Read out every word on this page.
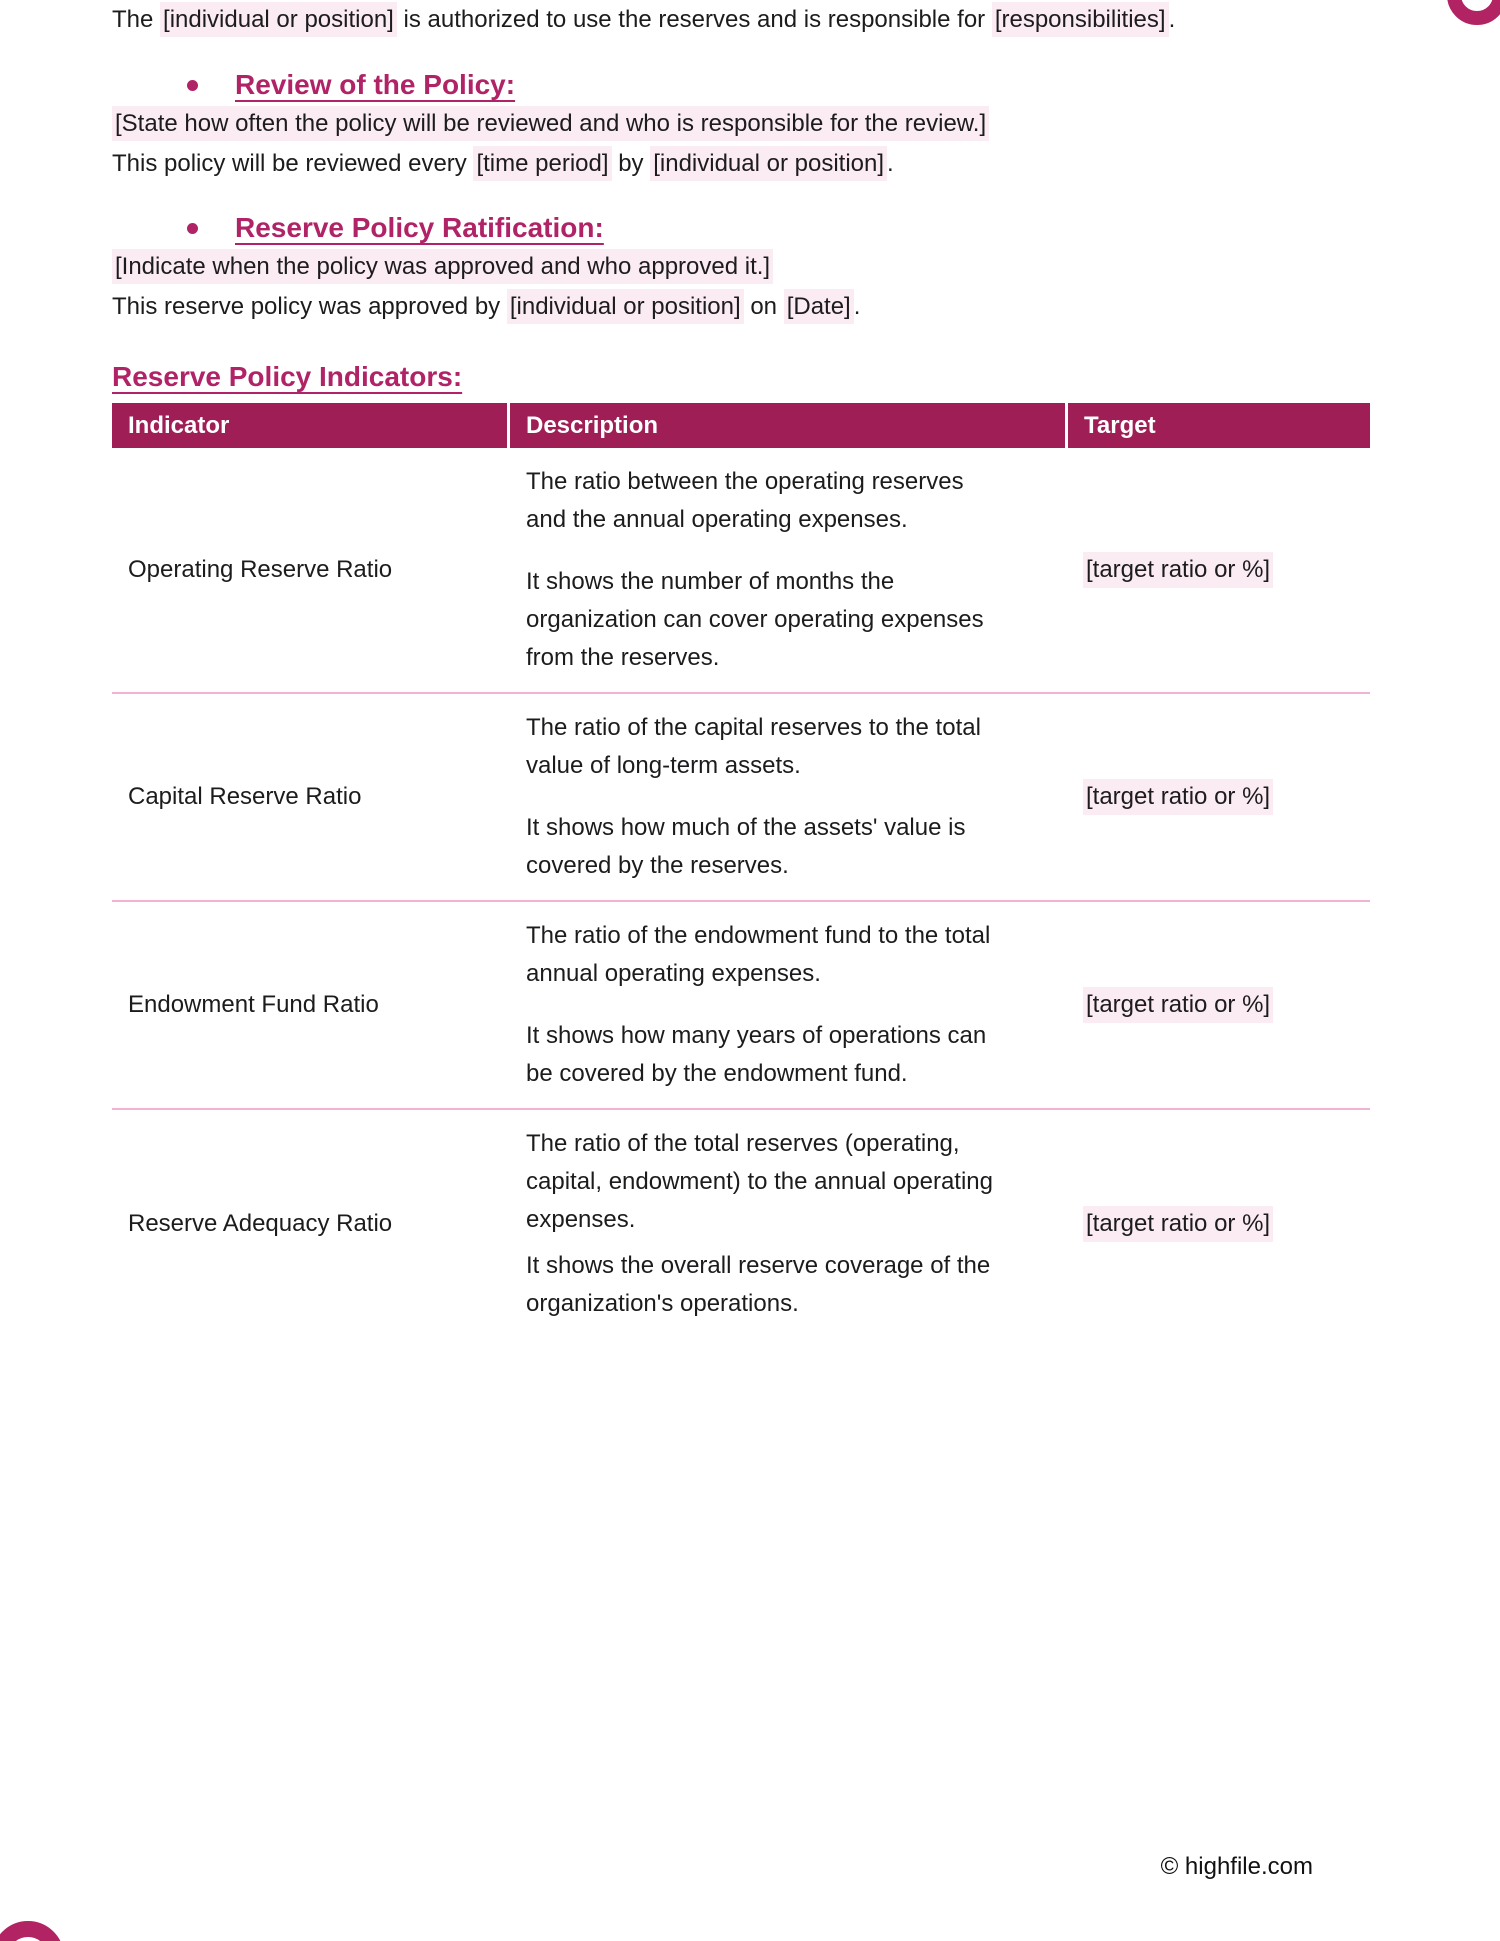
The [individual or position] is authorized to use the reserves and is responsible for [responsibilities] .

Review of the Policy:

[State how often the policy will be reviewed and who is responsible for the review.]

This policy will be reviewed every [time period] by [individual or position] .

Reserve Policy Ratification:

[Indicate when the policy was approved and who approved it.]

This reserve policy was approved by [individual or position] on [Date] .

Reserve Policy Indicators:
Indicator	Description	Target
Operating Reserve Ratio

The ratio between the operating reserves and the annual operating expenses.

It shows the number of months the organization can cover operating expenses from the reserves.

[target ratio or %]
Capital Reserve Ratio

The ratio of the capital reserves to the total value of long-term assets.

It shows how much of the assets' value is covered by the reserves.

[target ratio or %]
Endowment Fund Ratio

The ratio of the endowment fund to the total annual operating expenses.

It shows how many years of operations can be covered by the endowment fund.

[target ratio or %]
Reserve Adequacy Ratio

The ratio of the total reserves (operating, capital, endowment) to the annual operating expenses.

It shows the overall reserve coverage of the organization's operations.

[target ratio or %]
© highfile.com
